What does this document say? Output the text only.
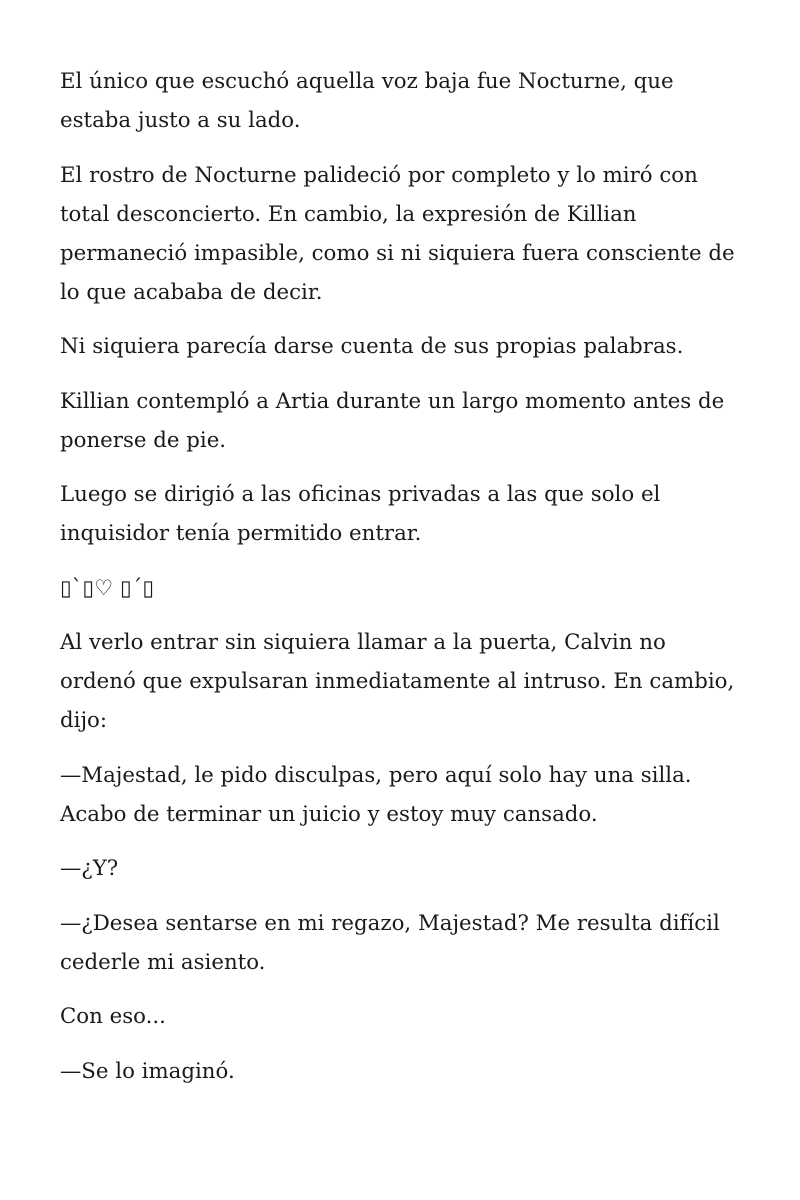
El único que escuchó aquella voz baja fue Nocturne, que estaba justo a su lado.

El rostro de Nocturne palideció por completo y lo miró con total desconcierto. En cambio, la expresión de Killian permaneció impasible, como si ni siquiera fuera consciente de lo que acababa de decir.

Ni siquiera parecía darse cuenta de sus propias palabras.

Killian contempló a Artia durante un largo momento antes de ponerse de pie.

Luego se dirigió a las oficinas privadas a las que solo el inquisidor tenía permitido entrar.

▯`▯♡ ▯´▯

Al verlo entrar sin siquiera llamar a la puerta, Calvin no ordenó que expulsaran inmediatamente al intruso. En cambio, dijo:

—Majestad, le pido disculpas, pero aquí solo hay una silla. Acabo de terminar un juicio y estoy muy cansado.

—¿Y?

—¿Desea sentarse en mi regazo, Majestad? Me resulta difícil cederle mi asiento.

Con eso...

—Se lo imaginó.
